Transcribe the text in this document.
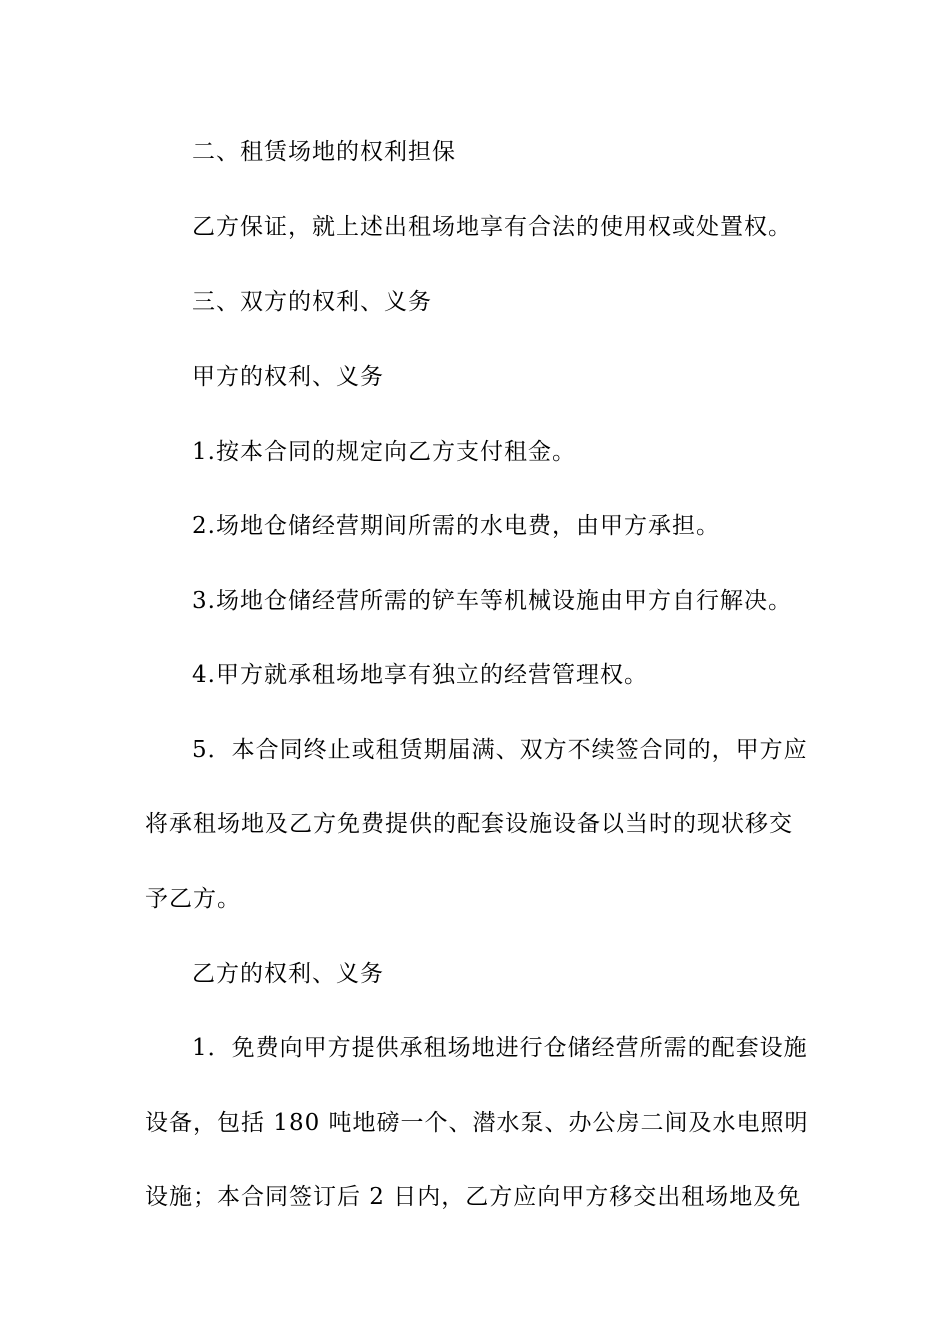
二、租赁场地的权利担保
乙方保证，就上述出租场地享有合法的使用权或处置权。
三、双方的权利、义务
甲方的权利、义务
1.按本合同的规定向乙方支付租金。
2.场地仓储经营期间所需的水电费，由甲方承担。
3.场地仓储经营所需的铲车等机械设施由甲方自行解决。
4.甲方就承租场地享有独立的经营管理权。
5．本合同终止或租赁期届满、双方不续签合同的，甲方应
将承租场地及乙方免费提供的配套设施设备以当时的现状移交
予乙方。
乙方的权利、义务
1．免费向甲方提供承租场地进行仓储经营所需的配套设施
设备，包括 180 吨地磅一个、潜水泵、办公房二间及水电照明
设施；本合同签订后 2 日内，乙方应向甲方移交出租场地及免
